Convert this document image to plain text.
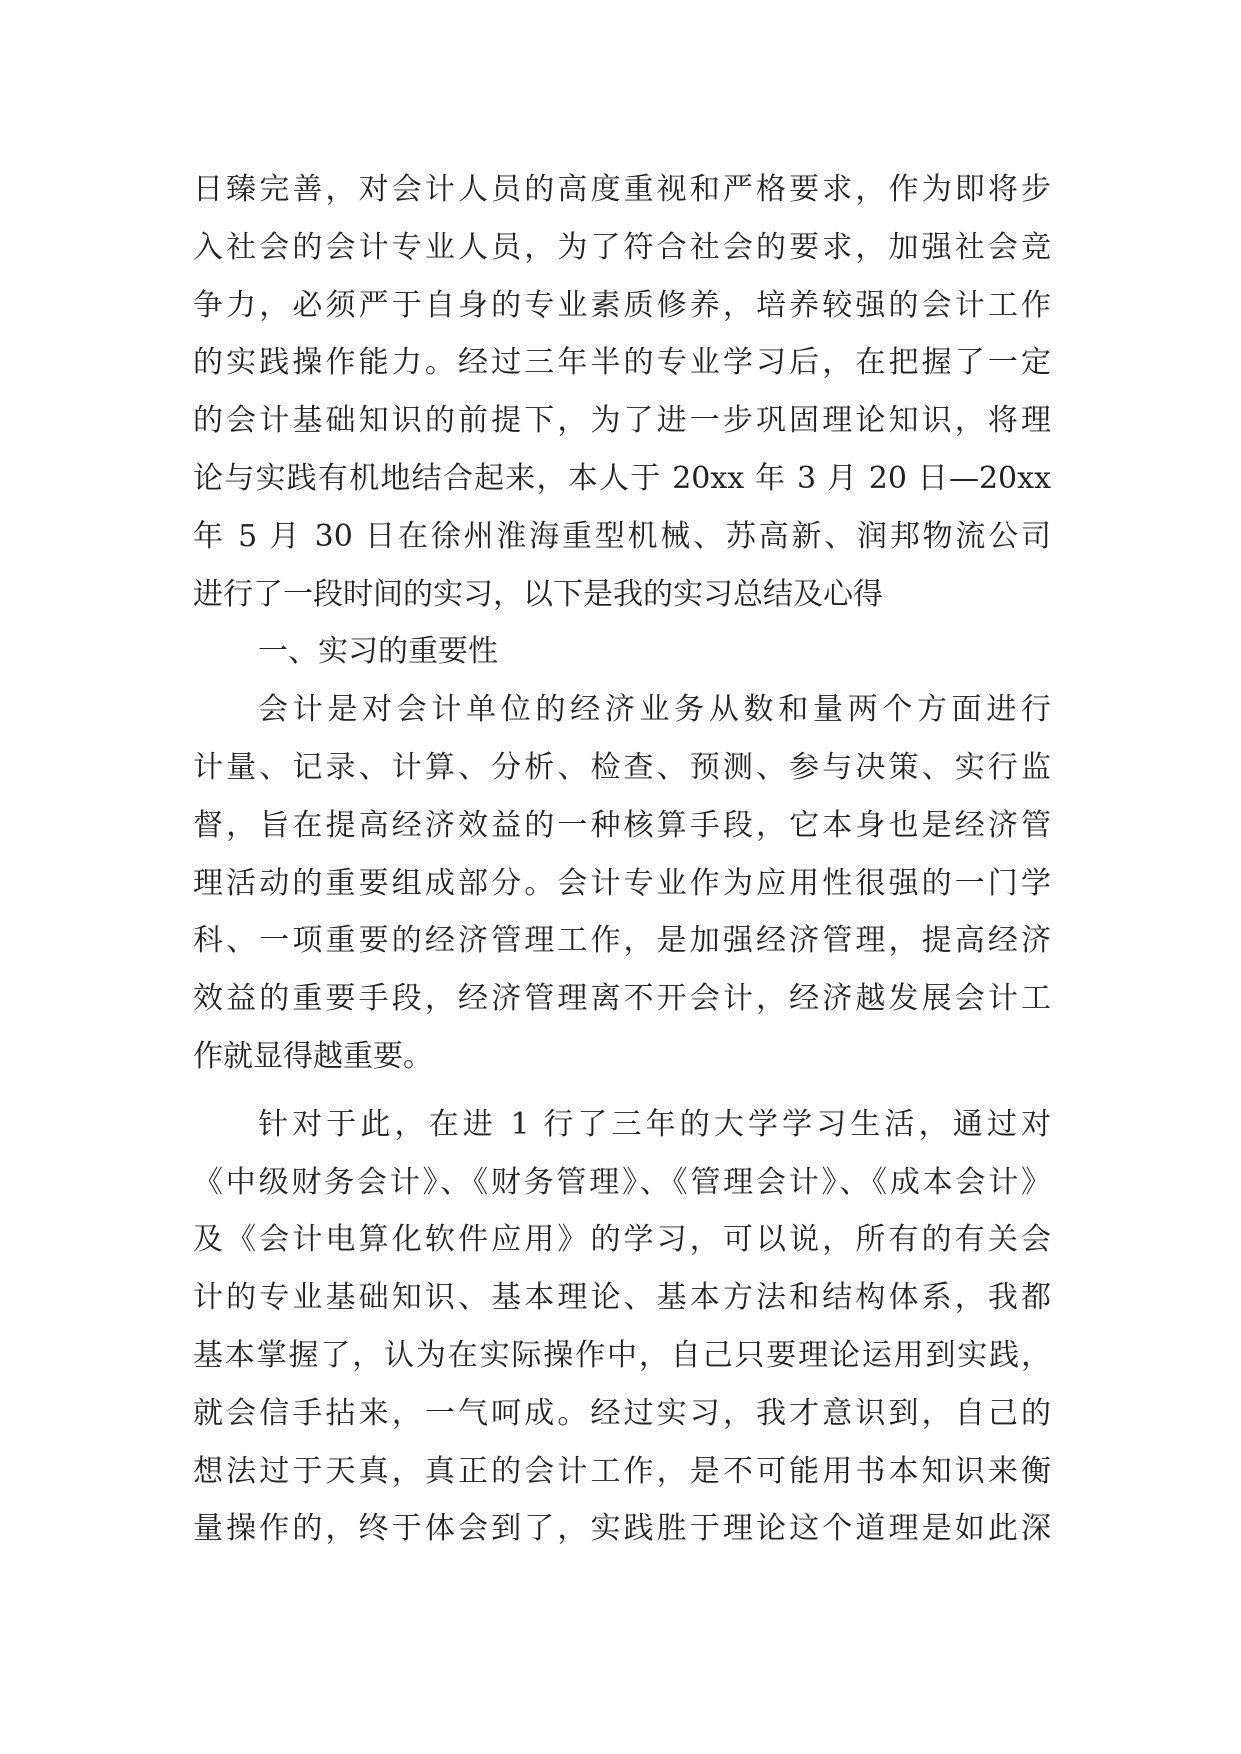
日臻完善，对会计人员的高度重视和严格要求，作为即将步
入社会的会计专业人员，为了符合社会的要求，加强社会竞
争力，必须严于自身的专业素质修养，培养较强的会计工作
的实践操作能力。经过三年半的专业学习后，在把握了一定
的会计基础知识的前提下，为了进一步巩固理论知识，将理
论与实践有机地结合起来，本人于 20xx 年 3 月 20 日—20xx
年 5 月 30 日在徐州淮海重型机械、苏高新、润邦物流公司
进行了一段时间的实习，以下是我的实习总结及心得
一、实习的重要性
会计是对会计单位的经济业务从数和量两个方面进行
计量、记录、计算、分析、检查、预测、参与决策、实行监
督，旨在提高经济效益的一种核算手段，它本身也是经济管
理活动的重要组成部分。会计专业作为应用性很强的一门学
科、一项重要的经济管理工作，是加强经济管理，提高经济
效益的重要手段，经济管理离不开会计，经济越发展会计工
作就显得越重要。
针对于此，在进 1 行了三年的大学学习生活，通过对
《中级财务会计》、《财务管理》、《管理会计》、《成本会计》
及《会计电算化软件应用》的学习，可以说，所有的有关会
计的专业基础知识、基本理论、基本方法和结构体系，我都
基本掌握了，认为在实际操作中，自己只要理论运用到实践，
就会信手拈来，一气呵成。经过实习，我才意识到，自己的
想法过于天真，真正的会计工作，是不可能用书本知识来衡
量操作的，终于体会到了，实践胜于理论这个道理是如此深
